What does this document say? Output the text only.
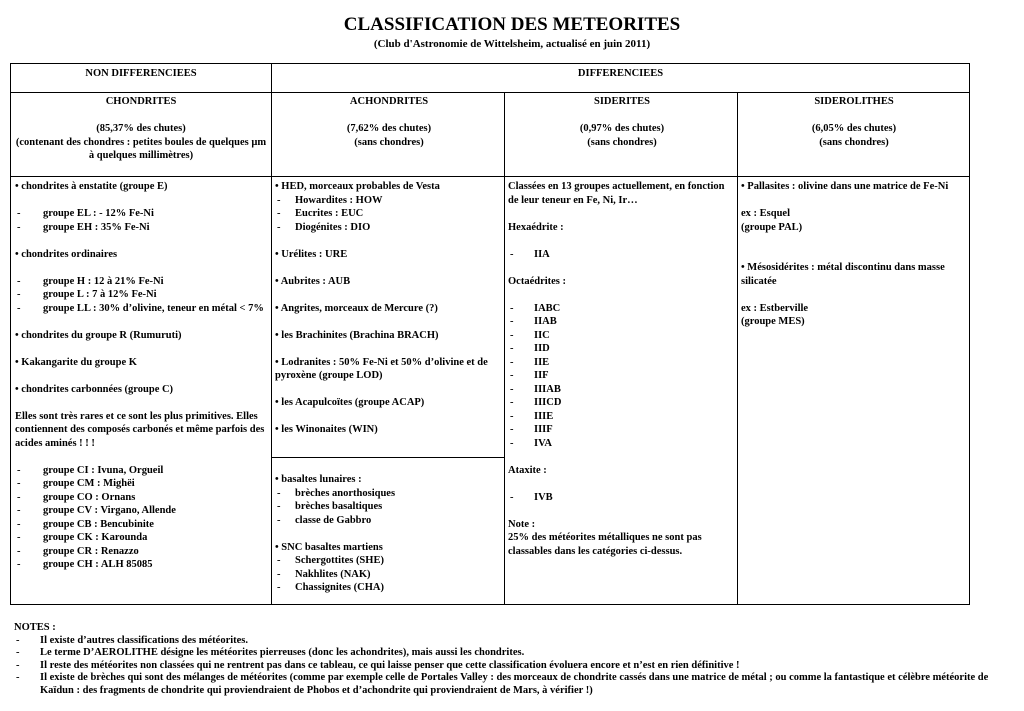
CLASSIFICATION DES METEORITES
(Club d'Astronomie de Wittelsheim, actualisé en juin 2011)
NON DIFFERENCIEES	DIFFERENCIEES
CHONDRITES
(85,37% des chutes)
(contenant des chondres : petites boules de quelques µm à quelques millimètres)
ACHONDRITES
(7,62% des chutes)
(sans chondres)
SIDERITES
(0,97% des chutes)
(sans chondres)
SIDEROLITHES
(6,05% des chutes)
(sans chondres)
• chondrites à enstatite (groupe E)
- groupe EL : - 12% Fe-Ni
- groupe EH : 35% Fe-Ni
• chondrites ordinaires
- groupe H : 12 à 21% Fe-Ni
- groupe L : 7 à 12% Fe-Ni
- groupe LL : 30% d’olivine, teneur en métal < 7%
• chondrites du groupe R (Rumuruti)
• Kakangarite du groupe K
• chondrites carbonnées (groupe C)
Elles sont très rares et ce sont les plus primitives. Elles contiennent des composés carbonés et même parfois des acides aminés ! ! !
- groupe CI : Ivuna, Orgueil
- groupe CM : Mighëi
- groupe CO : Ornans
- groupe CV : Virgano, Allende
- groupe CB : Bencubinite
- groupe CK : Karounda
- groupe CR : Renazzo
- groupe CH : ALH 85085
• HED, morceaux probables de Vesta
- Howardites : HOW
- Eucrites : EUC
- Diogénites : DIO
• Urélites : URE
• Aubrites : AUB
• Angrites, morceaux de Mercure (?)
• les Brachinites (Brachina BRACH)
• Lodranites : 50% Fe-Ni et 50% d’olivine et de pyroxène (groupe LOD)
• les Acapulcoïtes (groupe ACAP)
• les Winonaites (WIN)
• basaltes lunaires :
- brèches anorthosiques
- brèches basaltiques
- classe de Gabbro
• SNC basaltes martiens
- Schergottites (SHE)
- Nakhlites (NAK)
- Chassignites (CHA)
Classées en 13 groupes actuellement, en fonction de leur teneur en Fe, Ni, Ir…
Hexaédrite :
- IIA
Octaédrites :
- IABC
- IIAB
- IIC
- IID
- IIE
- IIF
- IIIAB
- IIICD
- IIIE
- IIIF
- IVA
Ataxite :
- IVB
Note :
25% des météorites métalliques ne sont pas classables dans les catégories ci-dessus.
• Pallasites : olivine dans une matrice de Fe-Ni
ex : Esquel
(groupe PAL)
• Mésosidérites : métal discontinu dans masse silicatée
ex : Estberville
(groupe MES)
NOTES :
- Il existe d’autres classifications des météorites.
- Le terme D’AEROLITHE désigne les météorites pierreuses (donc les achondrites), mais aussi les chondrites.
- Il reste des météorites non classées qui ne rentrent pas dans ce tableau, ce qui laisse penser que cette classification évoluera encore et n’est en rien définitive !
- Il existe de brèches qui sont des mélanges de météorites (comme par exemple celle de Portales Valley : des morceaux de chondrite cassés dans une matrice de métal ; ou comme la fantastique et célèbre météorite de Kaïdun : des fragments de chondrite qui proviendraient de Phobos et d’achondrite qui proviendraient de Mars, à vérifier !)
